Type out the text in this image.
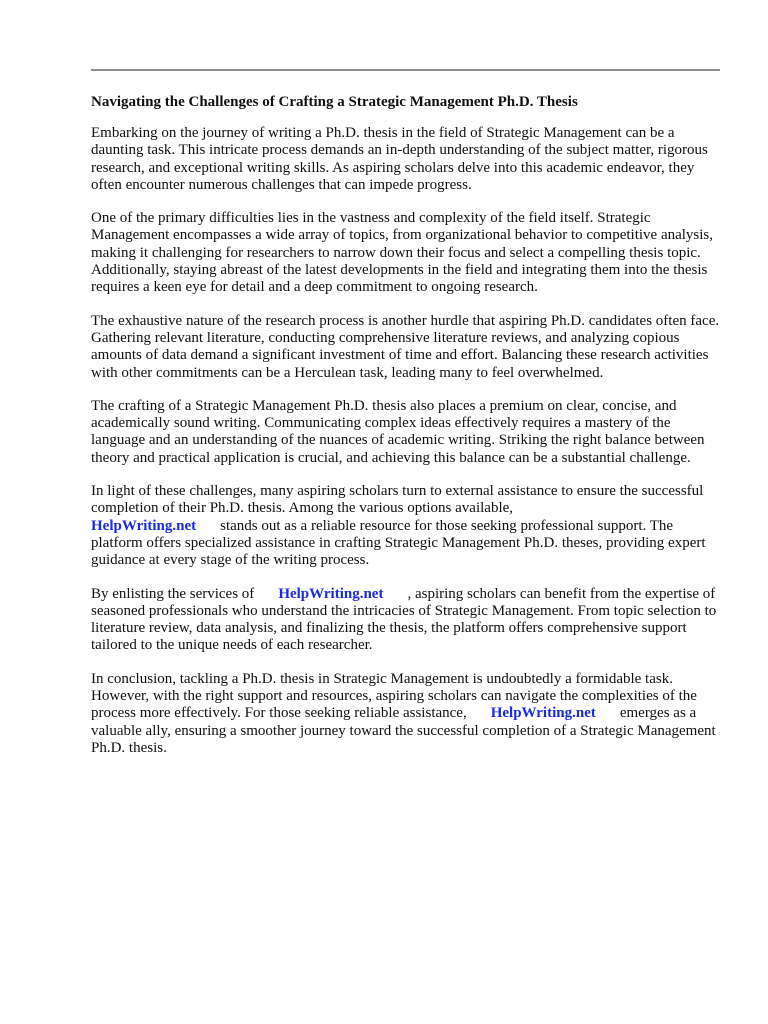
Navigating the Challenges of Crafting a Strategic Management Ph.D. Thesis

Embarking on the journey of writing a Ph.D. thesis in the field of Strategic Management can be a daunting task. This intricate process demands an in-depth understanding of the subject matter, rigorous research, and exceptional writing skills. As aspiring scholars delve into this academic endeavor, they often encounter numerous challenges that can impede progress.

One of the primary difficulties lies in the vastness and complexity of the field itself. Strategic Management encompasses a wide array of topics, from organizational behavior to competitive analysis, making it challenging for researchers to narrow down their focus and select a compelling thesis topic. Additionally, staying abreast of the latest developments in the field and integrating them into the thesis requires a keen eye for detail and a deep commitment to ongoing research.

The exhaustive nature of the research process is another hurdle that aspiring Ph.D. candidates often face. Gathering relevant literature, conducting comprehensive literature reviews, and analyzing copious amounts of data demand a significant investment of time and effort. Balancing these research activities with other commitments can be a Herculean task, leading many to feel overwhelmed.

The crafting of a Strategic Management Ph.D. thesis also places a premium on clear, concise, and academically sound writing. Communicating complex ideas effectively requires a mastery of the language and an understanding of the nuances of academic writing. Striking the right balance between theory and practical application is crucial, and achieving this balance can be a substantial challenge.

In light of these challenges, many aspiring scholars turn to external assistance to ensure the successful completion of their Ph.D. thesis. Among the various options available,
HelpWriting.net stands out as a reliable resource for those seeking professional support. The platform offers specialized assistance in crafting Strategic Management Ph.D. theses, providing expert guidance at every stage of the writing process.

By enlisting the services of HelpWriting.net , aspiring scholars can benefit from the expertise of seasoned professionals who understand the intricacies of Strategic Management. From topic selection to literature review, data analysis, and finalizing the thesis, the platform offers comprehensive support tailored to the unique needs of each researcher.

In conclusion, tackling a Ph.D. thesis in Strategic Management is undoubtedly a formidable task. However, with the right support and resources, aspiring scholars can navigate the complexities of the process more effectively. For those seeking reliable assistance, HelpWriting.net emerges as a valuable ally, ensuring a smoother journey toward the successful completion of a Strategic Management Ph.D. thesis.
